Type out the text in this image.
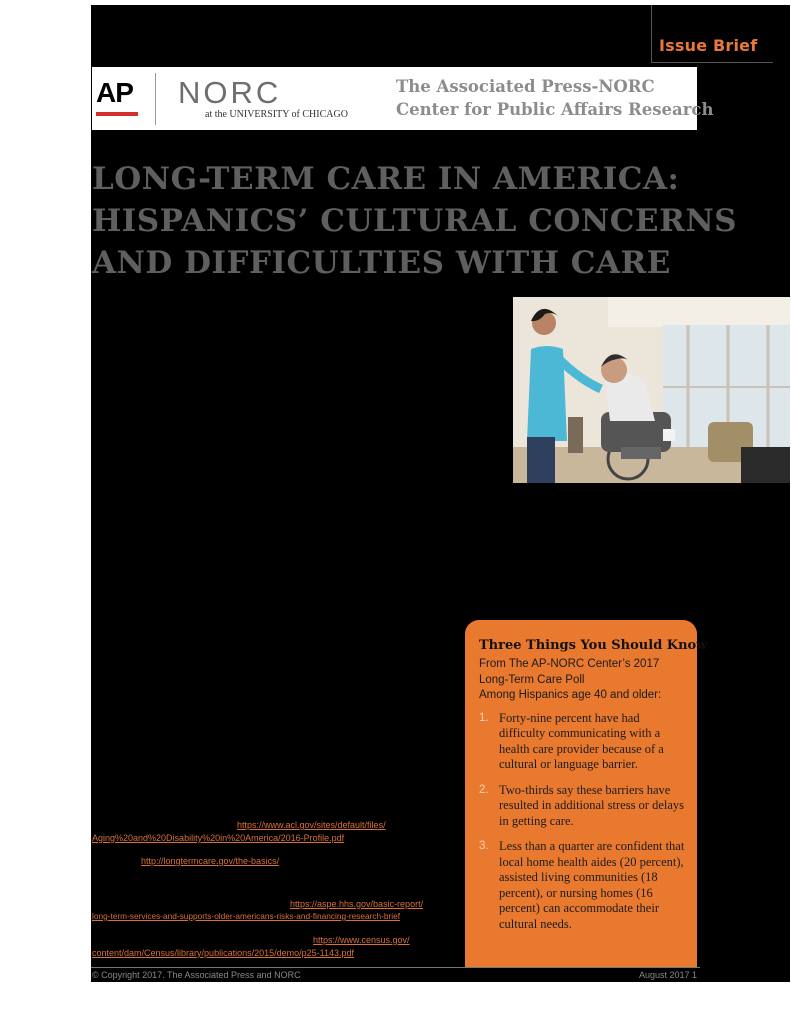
Issue Brief
AP NORC
at the UNIVERSITY of CHICAGO
The Associated Press-NORC
Center for Public Affairs Research
LONG-TERM CARE IN AMERICA:
HISPANICS’ CULTURAL CONCERNS
AND DIFFICULTIES WITH CARE
Three Things You Should Know
From The AP-NORC Center’s 2017
Long-Term Care Poll
Among Hispanics age 40 and older:
1. Forty-nine percent have had difficulty communicating with a health care provider because of a cultural or language barrier.
2. Two-thirds say these barriers have resulted in additional stress or delays in getting care.
3. Less than a quarter are confident that local home health aides (20 percent), assisted living communities (18 percent), or nursing homes (16 percent) can accommodate their cultural needs.
https://www.acl.gov/sites/default/files/
Aging%20and%20Disability%20in%20America/2016-Profile.pdf
http://longtermcare.gov/the-basics/
https://aspe.hhs.gov/basic-report/
long-term-services-and-supports-older-americans-risks-and-financing-research-brief
https://www.census.gov/
content/dam/Census/library/publications/2015/demo/p25-1143.pdf
© Copyright 2017. The Associated Press and NORC	August 2017 1
